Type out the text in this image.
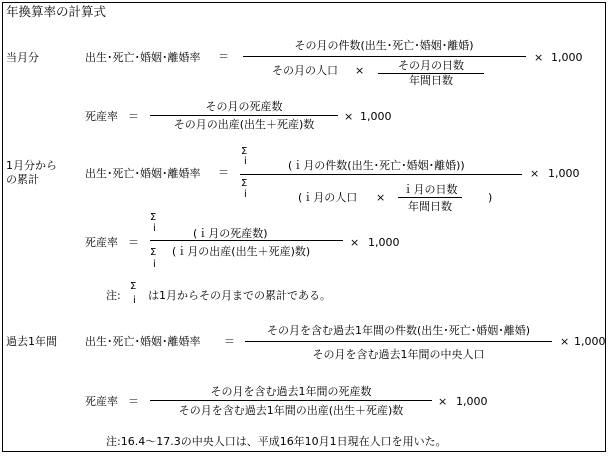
年換算率の計算式
当月分	出生･死亡･婚姻･離婚率 ＝
その月の件数(出生･死亡･婚姻･離婚)
その月の人口 ×	その月の日数
年間日数
× 1,000
死産率 ＝
その月の死産数
その月の出産(出生＋死産)数
× 1,000
1月分から
の累計	出生･死亡･婚姻･離婚率 ＝
Σ
i	(ｉ月の件数(出生･死亡･婚姻･離婚))
Σ
i	(ｉ月の人口 ×
ｉ月の日数
年間日数
)
× 1,000
死産率 ＝
Σ
i	(ｉ月の死産数)
Σ
i
(ｉ月の出産(出生＋死産)数)
× 1,000
注:
Σ
i は1月からその月までの累計である。
過去1年間	出生･死亡･婚姻･離婚率 ＝
その月を含む過去1年間の件数(出生･死亡･婚姻･離婚)
その月を含む過去1年間の中央人口
× 1,000
死産率 ＝
その月を含む過去1年間の死産数
その月を含む過去1年間の出産(出生＋死産)数
× 1,000
注:16.4～17.3の中央人口は、平成16年10月1日現在人口を用いた。
